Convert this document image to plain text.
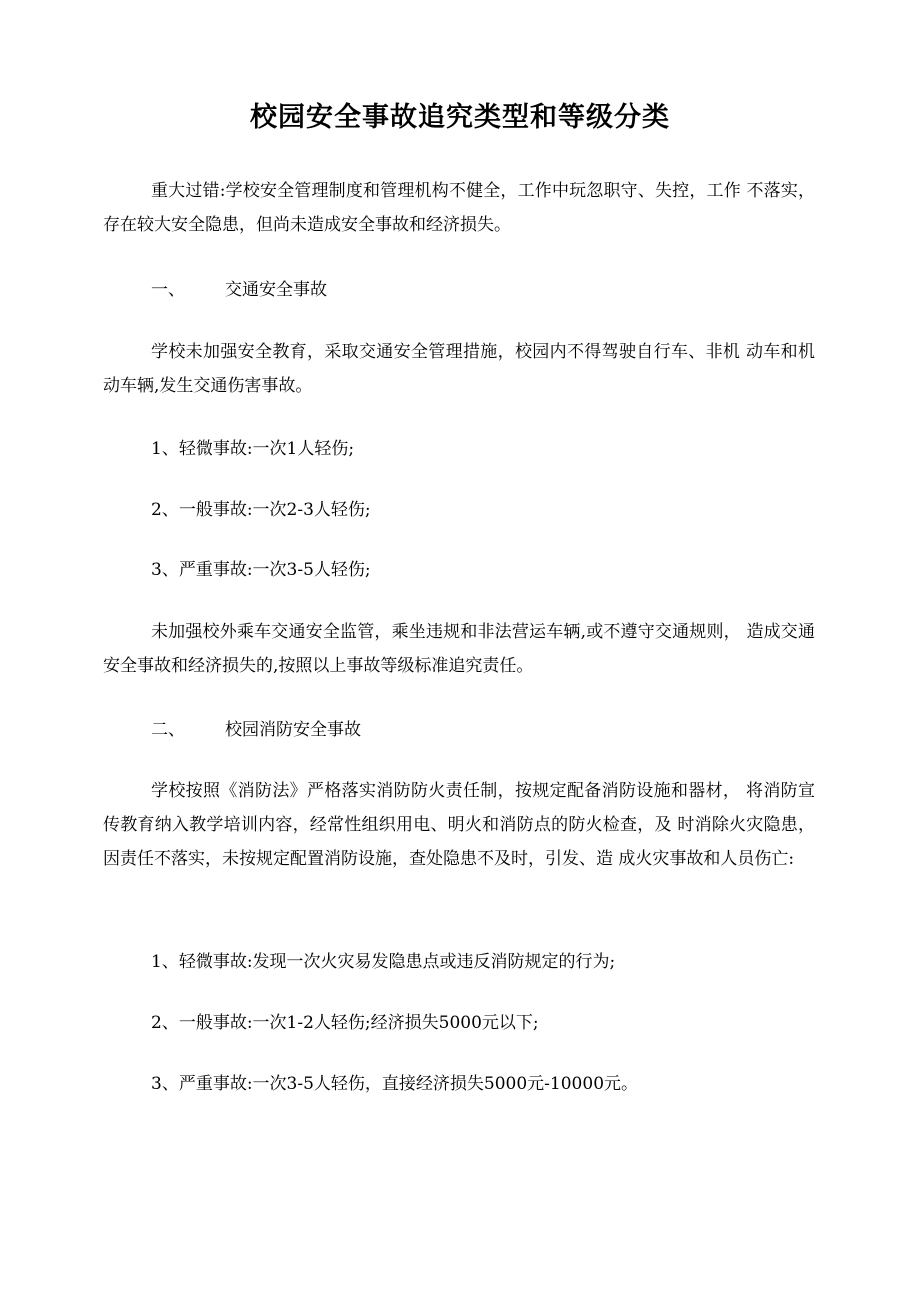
校园安全事故追究类型和等级分类
重大过错:学校安全管理制度和管理机构不健全，工作中玩忽职守、失控，工作 不落实，存在较大安全隐患，但尚未造成安全事故和经济损失。
一、 交通安全事故
学校未加强安全教育，采取交通安全管理措施，校园内不得驾驶自行车、非机 动车和机动车辆,发生交通伤害事故。
1、轻微事故:一次1人轻伤;
2、一般事故:一次2-3人轻伤;
3、严重事故:一次3-5人轻伤;
未加强校外乘车交通安全监管，乘坐违规和非法营运车辆,或不遵守交通规则， 造成交通安全事故和经济损失的,按照以上事故等级标准追究责任。
二、 校园消防安全事故
学校按照《消防法》严格落实消防防火责任制，按规定配备消防设施和器材， 将消防宣传教育纳入教学培训内容，经常性组织用电、明火和消防点的防火检查，及 时消除火灾隐患，因责任不落实，未按规定配置消防设施，查处隐患不及时，引发、造 成火灾事故和人员伤亡:
1、轻微事故:发现一次火灾易发隐患点或违反消防规定的行为;
2、一般事故:一次1-2人轻伤;经济损失5000元以下;
3、严重事故:一次3-5人轻伤，直接经济损失5000元-10000元。
